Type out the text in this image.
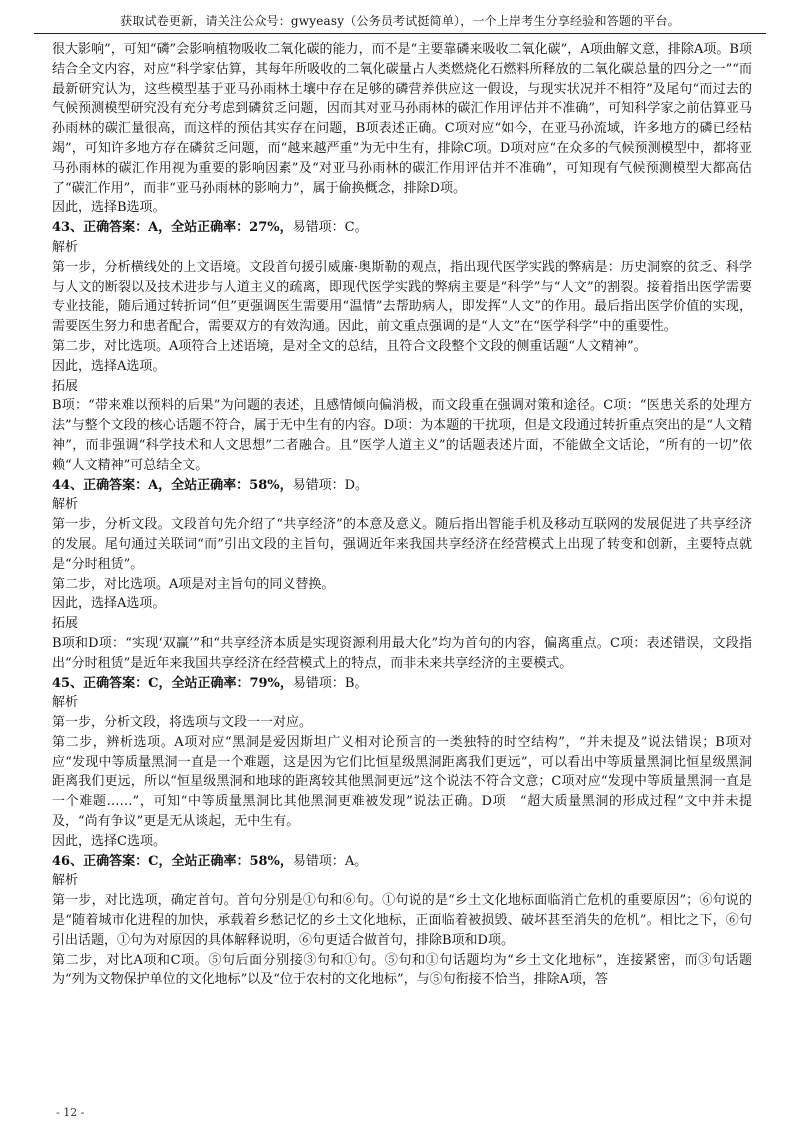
获取试卷更新，请关注公众号：gwyeasy（公务员考试挺简单），一个上岸考生分享经验和答题的平台。

很大影响”，可知“磷”会影响植物吸收二氧化碳的能力，而不是“主要靠磷来吸收二氧化碳”，A项曲解文意，排除A项。B项结合全文内容，对应“科学家估算，其每年所吸收的二氧化碳量占人类燃烧化石燃料所释放的二氧化碳总量的四分之一”“而最新研究认为，这些模型基于亚马孙雨林土壤中存在足够的磷营养供应这一假设，与现实状况并不相符”及尾句“而过去的气候预测模型研究没有充分考虑到磷贫乏问题，因而其对亚马孙雨林的碳汇作用评估并不准确”，可知科学家之前估算亚马孙雨林的碳汇量很高，而这样的预估其实存在问题，B项表述正确。C项对应“如今，在亚马孙流域，许多地方的磷已经枯竭”，可知许多地方存在磷贫乏问题，而“越来越严重”为无中生有，排除C项。D项对应“在众多的气候预测模型中，都将亚马孙雨林的碳汇作用视为重要的影响因素”及“对亚马孙雨林的碳汇作用评估并不准确”，可知现有气候预测模型大都高估了“碳汇作用”，而非“亚马孙雨林的影响力”，属于偷换概念，排除D项。

因此，选择B选项。

43、正确答案：A，全站正确率：27%，易错项：C。

解析

第一步，分析横线处的上文语境。文段首句援引威廉·奥斯勒的观点，指出现代医学实践的弊病是：历史洞察的贫乏、科学与人文的断裂以及技术进步与人道主义的疏离，即现代医学实践的弊病主要是“科学”与“人文”的割裂。接着指出医学需要专业技能，随后通过转折词“但”更强调医生需要用“温情”去帮助病人，即发挥“人文”的作用。最后指出医学价值的实现，需要医生努力和患者配合，需要双方的有效沟通。因此，前文重点强调的是“人文”在“医学科学”中的重要性。

第二步，对比选项。A项符合上述语境，是对全文的总结，且符合文段整个文段的侧重话题“人文精神”。

因此，选择A选项。

拓展

B项：“带来难以预料的后果”为问题的表述，且感情倾向偏消极，而文段重在强调对策和途径。C项：“医患关系的处理方法”与整个文段的核心话题不符合，属于无中生有的内容。D项：为本题的干扰项，但是文段通过转折重点突出的是“人文精神”，而非强调“科学技术和人文思想”二者融合。且“医学人道主义”的话题表述片面，不能做全文话论，“所有的一切”依赖“人文精神”可总结全文。

44、正确答案：A，全站正确率：58%，易错项：D。

解析

第一步，分析文段。文段首句先介绍了“共享经济”的本意及意义。随后指出智能手机及移动互联网的发展促进了共享经济的发展。尾句通过关联词“而”引出文段的主旨句，强调近年来我国共享经济在经营模式上出现了转变和创新，主要特点就是“分时租赁”。

第二步，对比选项。A项是对主旨句的同义替换。

因此，选择A选项。

拓展

B项和D项：“实现‘双赢’”和“共享经济本质是实现资源利用最大化”均为首句的内容，偏离重点。C项：表述错误，文段指出“分时租赁”是近年来我国共享经济在经营模式上的特点，而非未来共享经济的主要模式。

45、正确答案：C，全站正确率：79%，易错项：B。

解析

第一步，分析文段，将选项与文段一一对应。

第二步，辨析选项。A项对应“黑洞是爱因斯坦广义相对论预言的一类独特的时空结构”，“并未提及”说法错误；B项对应“发现中等质量黑洞一直是一个难题，这是因为它们比恒星级黑洞距离我们更远”，可以看出中等质量黑洞比恒星级黑洞距离我们更远，所以“恒星级黑洞和地球的距离较其他黑洞更远”这个说法不符合文意；C项对应“发现中等质量黑洞一直是一个难题……”，可知“中等质量黑洞比其他黑洞更难被发现”说法正确。D项　“超大质量黑洞的形成过程”文中并未提及，“尚有争议”更是无从谈起，无中生有。

因此，选择C选项。

46、正确答案：C，全站正确率：58%，易错项：A。

解析

第一步，对比选项，确定首句。首句分别是①句和⑥句。①句说的是“乡土文化地标面临消亡危机的重要原因”；⑥句说的是“随着城市化进程的加快，承载着乡愁记忆的乡土文化地标，正面临着被损毁、破坏甚至消失的危机”。相比之下，⑥句引出话题，①句为对原因的具体解释说明，⑥句更适合做首句，排除B项和D项。

第二步，对比A项和C项。⑤句后面分别接③句和①句。⑤句和①句话题均为“乡土文化地标”，连接紧密，而③句话题为“列为文物保护单位的文化地标”以及“位于农村的文化地标”，与⑤句衔接不恰当，排除A项，答

- 12 -
